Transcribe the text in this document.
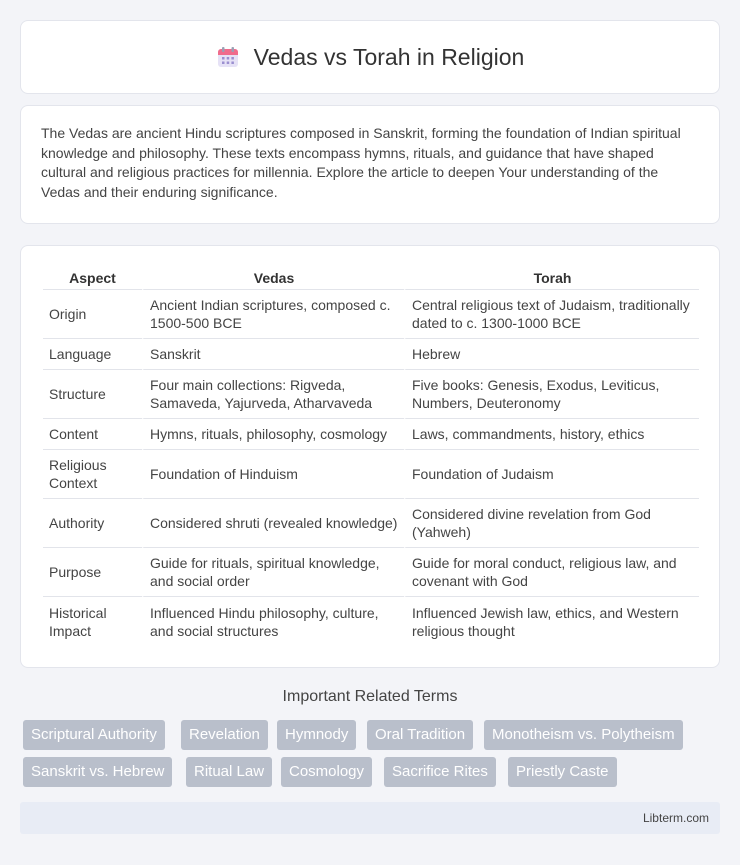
Vedas vs Torah in Religion

The Vedas are ancient Hindu scriptures composed in Sanskrit, forming the foundation of Indian spiritual knowledge and philosophy. These texts encompass hymns, rituals, and guidance that have shaped cultural and religious practices for millennia. Explore the article to deepen Your understanding of the Vedas and their enduring significance.

Aspect	Vedas	Torah
Origin	Ancient Indian scriptures, composed c. 1500-500 BCE	Central religious text of Judaism, traditionally dated to c. 1300-1000 BCE
Language	Sanskrit	Hebrew
Structure	Four main collections: Rigveda, Samaveda, Yajurveda, Atharvaveda	Five books: Genesis, Exodus, Leviticus, Numbers, Deuteronomy
Content	Hymns, rituals, philosophy, cosmology	Laws, commandments, history, ethics
Religious Context	Foundation of Hinduism	Foundation of Judaism
Authority	Considered shruti (revealed knowledge)	Considered divine revelation from God (Yahweh)
Purpose	Guide for rituals, spiritual knowledge, and social order	Guide for moral conduct, religious law, and covenant with God
Historical Impact	Influenced Hindu philosophy, culture, and social structures	Influenced Jewish law, ethics, and Western religious thought
Important Related Terms
Scriptural Authority	Revelation	Hymnody	Oral Tradition	Monotheism vs. Polytheism
Sanskrit vs. Hebrew	Ritual Law	Cosmology	Sacrifice Rites	Priestly Caste
Libterm.com
